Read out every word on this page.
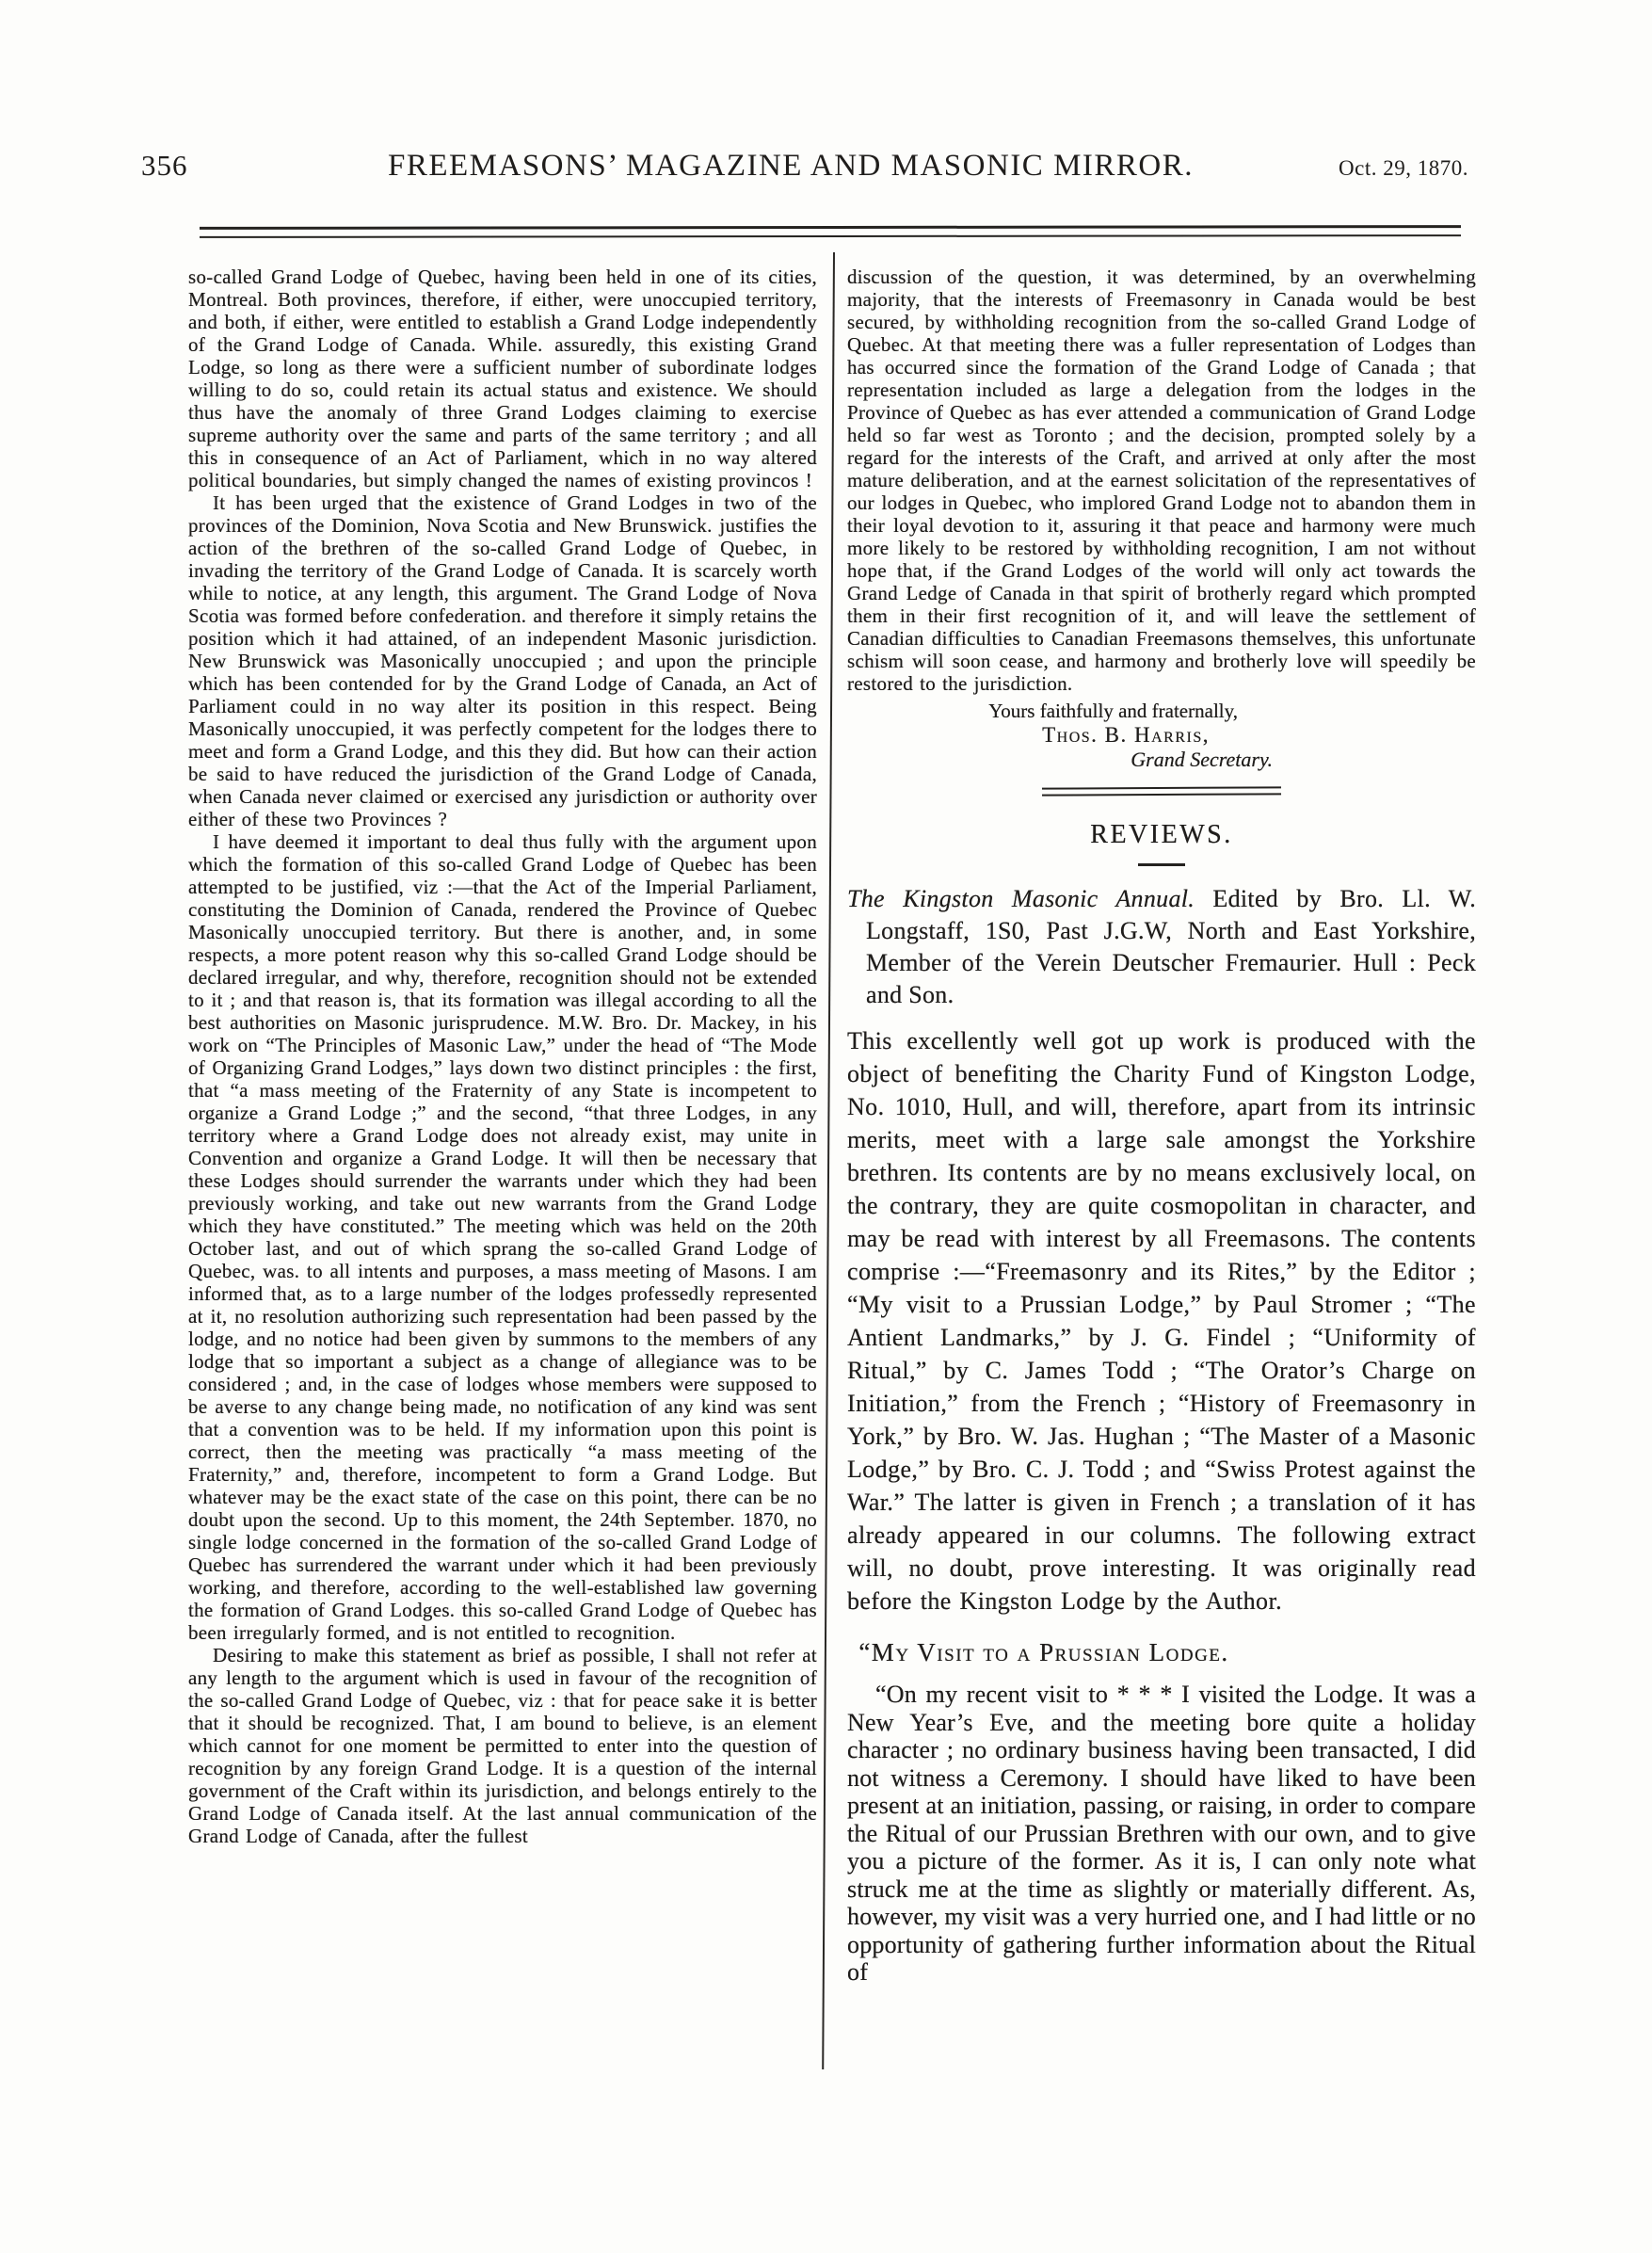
356	FREEMASONS’ MAGAZINE AND MASONIC MIRROR.	Oct. 29, 1870.

so-called Grand Lodge of Quebec, having been held in one of its cities, Montreal. Both provinces, therefore, if either, were unoccupied territory, and both, if either, were entitled to establish a Grand Lodge independently of the Grand Lodge of Canada. While. assuredly, this existing Grand Lodge, so long as there were a sufficient number of subordinate lodges willing to do so, could retain its actual status and existence. We should thus have the anomaly of three Grand Lodges claiming to exercise supreme authority over the same and parts of the same territory ; and all this in consequence of an Act of Parliament, which in no way altered political boundaries, but simply changed the names of existing provincos !

It has been urged that the existence of Grand Lodges in two of the provinces of the Dominion, Nova Scotia and New Brunswick. justifies the action of the brethren of the so-called Grand Lodge of Quebec, in invading the territory of the Grand Lodge of Canada. It is scarcely worth while to notice, at any length, this argument. The Grand Lodge of Nova Scotia was formed before confederation. and therefore it simply retains the position which it had attained, of an independent Masonic jurisdiction. New Brunswick was Masonically unoccupied ; and upon the principle which has been contended for by the Grand Lodge of Canada, an Act of Parliament could in no way alter its position in this respect. Being Masonically unoccupied, it was perfectly competent for the lodges there to meet and form a Grand Lodge, and this they did. But how can their action be said to have reduced the jurisdiction of the Grand Lodge of Canada, when Canada never claimed or exercised any jurisdiction or authority over either of these two Provinces ?

I have deemed it important to deal thus fully with the argument upon which the formation of this so-called Grand Lodge of Quebec has been attempted to be justified, viz :—that the Act of the Imperial Parliament, constituting the Dominion of Canada, rendered the Province of Quebec Masonically unoccupied territory. But there is another, and, in some respects, a more potent reason why this so-called Grand Lodge should be declared irregular, and why, therefore, recognition should not be extended to it ; and that reason is, that its formation was illegal according to all the best authorities on Masonic jurisprudence. M.W. Bro. Dr. Mackey, in his work on “The Principles of Masonic Law,” under the head of “The Mode of Organizing Grand Lodges,” lays down two distinct principles : the first, that “a mass meeting of the Fraternity of any State is incompetent to organize a Grand Lodge ;” and the second, “that three Lodges, in any territory where a Grand Lodge does not already exist, may unite in Convention and organize a Grand Lodge. It will then be necessary that these Lodges should surrender the warrants under which they had been previously working, and take out new warrants from the Grand Lodge which they have constituted.” The meeting which was held on the 20th October last, and out of which sprang the so-called Grand Lodge of Quebec, was. to all intents and purposes, a mass meeting of Masons. I am informed that, as to a large number of the lodges professedly represented at it, no resolution authorizing such representation had been passed by the lodge, and no notice had been given by summons to the members of any lodge that so important a subject as a change of allegiance was to be considered ; and, in the case of lodges whose members were supposed to be averse to any change being made, no notification of any kind was sent that a convention was to be held. If my information upon this point is correct, then the meeting was practically “a mass meeting of the Fraternity,” and, therefore, incompetent to form a Grand Lodge. But whatever may be the exact state of the case on this point, there can be no doubt upon the second. Up to this moment, the 24th September. 1870, no single lodge concerned in the formation of the so-called Grand Lodge of Quebec has surrendered the warrant under which it had been previously working, and therefore, according to the well-established law governing the formation of Grand Lodges. this so-called Grand Lodge of Quebec has been irregularly formed, and is not entitled to recognition.

Desiring to make this statement as brief as possible, I shall not refer at any length to the argument which is used in favour of the recognition of the so-called Grand Lodge of Quebec, viz : that for peace sake it is better that it should be recognized. That, I am bound to believe, is an element which cannot for one moment be permitted to enter into the question of recognition by any foreign Grand Lodge. It is a question of the internal government of the Craft within its jurisdiction, and belongs entirely to the Grand Lodge of Canada itself. At the last annual communication of the Grand Lodge of Canada, after the fullest

discussion of the question, it was determined, by an overwhelming majority, that the interests of Freemasonry in Canada would be best secured, by withholding recognition from the so-called Grand Lodge of Quebec. At that meeting there was a fuller representation of Lodges than has occurred since the formation of the Grand Lodge of Canada ; that representation included as large a delegation from the lodges in the Province of Quebec as has ever attended a communication of Grand Lodge held so far west as Toronto ; and the decision, prompted solely by a regard for the interests of the Craft, and arrived at only after the most mature deliberation, and at the earnest solicitation of the representatives of our lodges in Quebec, who implored Grand Lodge not to abandon them in their loyal devotion to it, assuring it that peace and harmony were much more likely to be restored by withholding recognition, I am not without hope that, if the Grand Lodges of the world will only act towards the Grand Ledge of Canada in that spirit of brotherly regard which prompted them in their first recognition of it, and will leave the settlement of Canadian difficulties to Canadian Freemasons themselves, this unfortunate schism will soon cease, and harmony and brotherly love will speedily be restored to the jurisdiction.

Yours faithfully and fraternally,

Thos. B. Harris,

Grand Secretary.

REVIEWS.

The Kingston Masonic Annual. Edited by Bro. Ll. W. Longstaff, 1S0, Past J.G.W, North and East Yorkshire, Member of the Verein Deutscher Fremaurier. Hull : Peck and Son.

This excellently well got up work is produced with the object of benefiting the Charity Fund of Kingston Lodge, No. 1010, Hull, and will, therefore, apart from its intrinsic merits, meet with a large sale amongst the Yorkshire brethren. Its contents are by no means exclusively local, on the contrary, they are quite cosmopolitan in character, and may be read with interest by all Freemasons. The contents comprise :—“Freemasonry and its Rites,” by the Editor ; “My visit to a Prussian Lodge,” by Paul Stromer ; “The Antient Landmarks,” by J. G. Findel ; “Uniformity of Ritual,” by C. James Todd ; “The Orator’s Charge on Initiation,” from the French ; “History of Freemasonry in York,” by Bro. W. Jas. Hughan ; “The Master of a Masonic Lodge,” by Bro. C. J. Todd ; and “Swiss Protest against the War.” The latter is given in French ; a translation of it has already appeared in our columns. The following extract will, no doubt, prove interesting. It was originally read before the Kingston Lodge by the Author.

“My Visit to a Prussian Lodge.

“On my recent visit to * * * I visited the Lodge. It was a New Year’s Eve, and the meeting bore quite a holiday character ; no ordinary business having been transacted, I did not witness a Ceremony. I should have liked to have been present at an initiation, passing, or raising, in order to compare the Ritual of our Prussian Brethren with our own, and to give you a picture of the former. As it is, I can only note what struck me at the time as slightly or materially different. As, however, my visit was a very hurried one, and I had little or no opportunity of gathering further information about the Ritual of
